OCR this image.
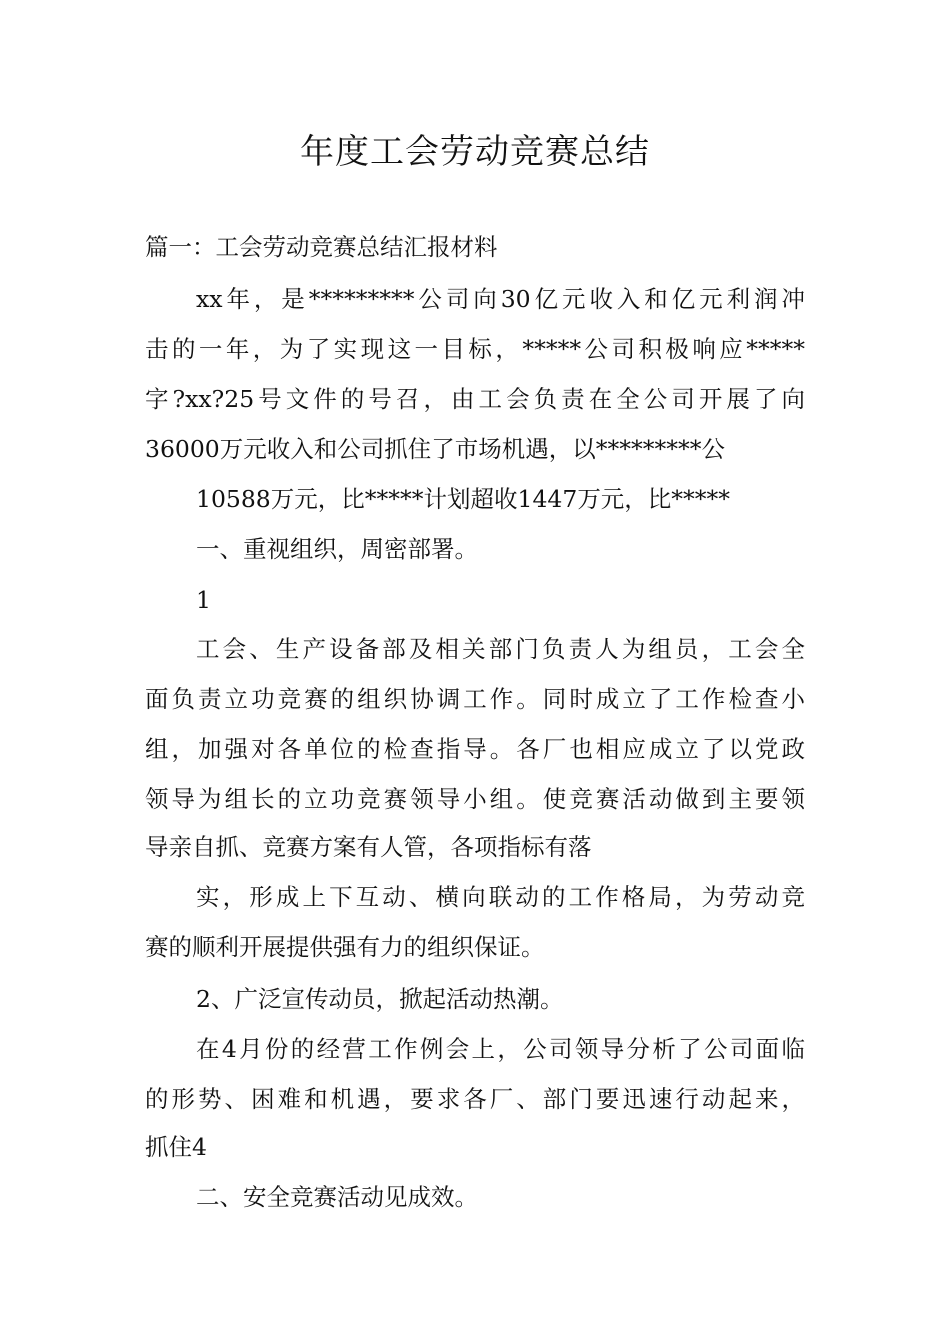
年度工会劳动竞赛总结
篇一：工会劳动竞赛总结汇报材料
xx年，是*********公司向30亿元收入和亿元利润冲
击的一年，为了实现这一目标，*****公司积极响应*****
字?xx?25号文件的号召，由工会负责在全公司开展了向
36000万元收入和公司抓住了市场机遇，以*********公
10588万元，比*****计划超收1447万元，比*****
一、重视组织，周密部署。
1
工会、生产设备部及相关部门负责人为组员，工会全
面负责立功竞赛的组织协调工作。同时成立了工作检查小
组，加强对各单位的检查指导。各厂也相应成立了以党政
领导为组长的立功竞赛领导小组。使竞赛活动做到主要领
导亲自抓、竞赛方案有人管，各项指标有落
实，形成上下互动、横向联动的工作格局，为劳动竞
赛的顺利开展提供强有力的组织保证。
2、广泛宣传动员，掀起活动热潮。
在4月份的经营工作例会上，公司领导分析了公司面临
的形势、困难和机遇，要求各厂、部门要迅速行动起来，
抓住4
二、安全竞赛活动见成效。
